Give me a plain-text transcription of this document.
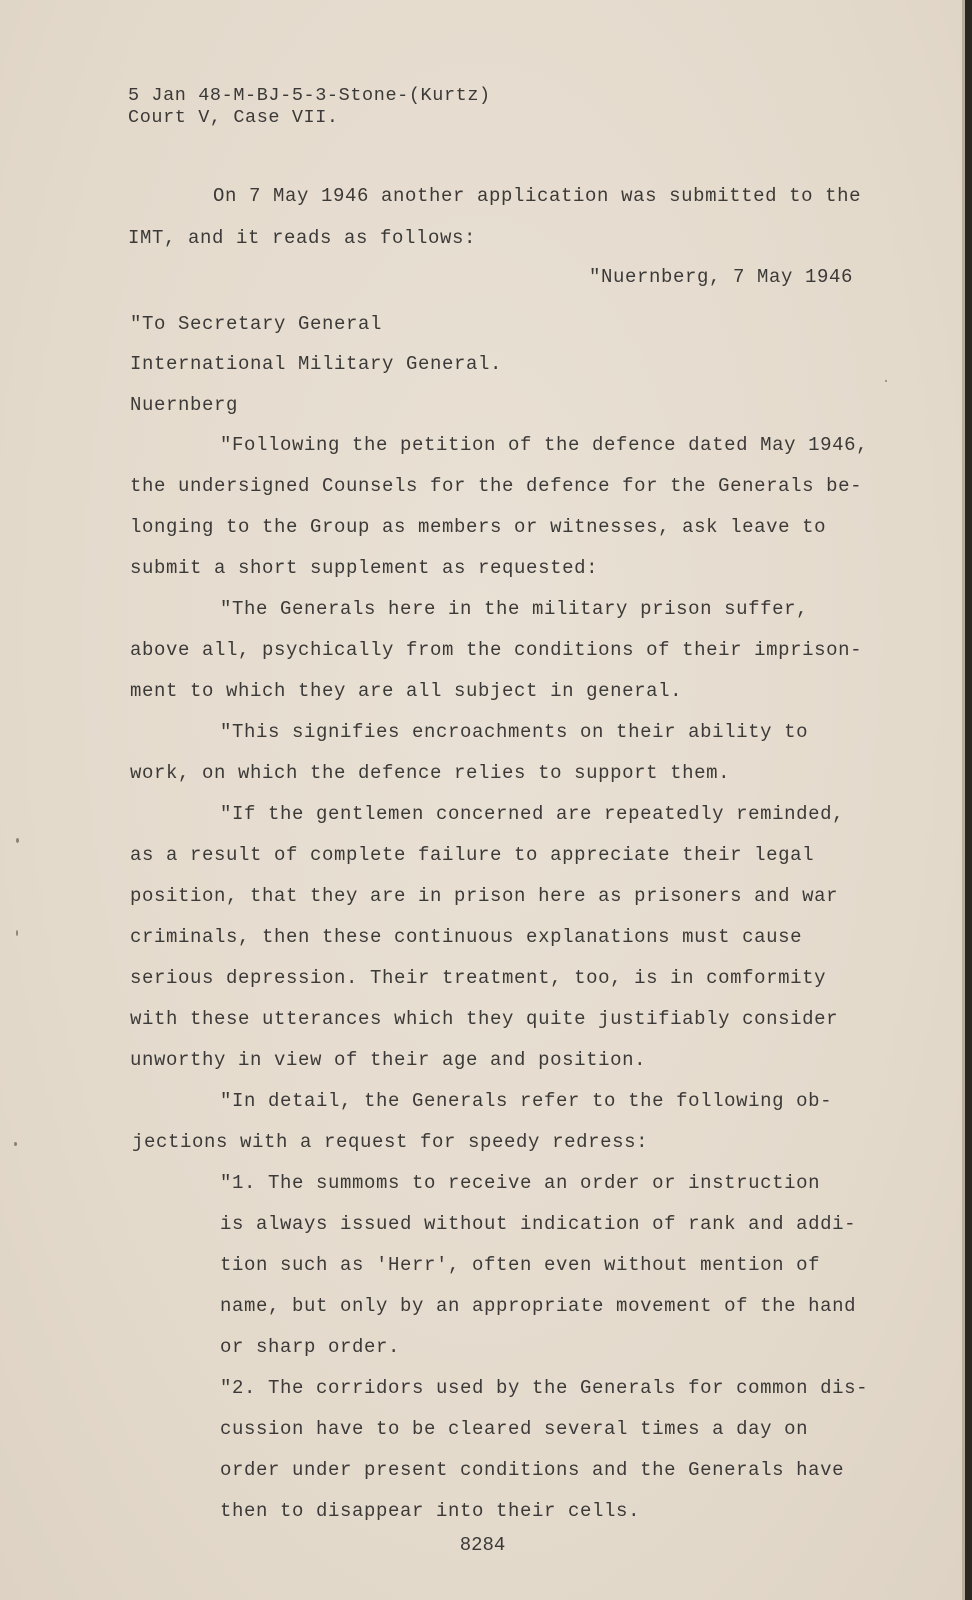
5 Jan 48-M-BJ-5-3-Stone-(Kurtz)

Court V, Case VII.

On 7 May 1946 another application was submitted to the

IMT, and it reads as follows:

"Nuernberg, 7 May 1946

"To Secretary General

International Military General.

Nuernberg

"Following the petition of the defence dated May 1946,

the undersigned Counsels for the defence for the Generals be-

longing to the Group as members or witnesses, ask leave to

submit a short supplement as requested:

"The Generals here in the military prison suffer,

above all, psychically from the conditions of their imprison-

ment to which they are all subject in general.

"This signifies encroachments on their ability to

work, on which the defence relies to support them.

"If the gentlemen concerned are repeatedly reminded,

as a result of complete failure to appreciate their legal

position, that they are in prison here as prisoners and war

criminals, then these continuous explanations must cause

serious depression. Their treatment, too, is in comformity

with these utterances which they quite justifiably consider

unworthy in view of their age and position.

"In detail, the Generals refer to the following ob-

jections with a request for speedy redress:

"1. The summoms to receive an order or instruction

is always issued without indication of rank and addi-

tion such as 'Herr', often even without mention of

name, but only by an appropriate movement of the hand

or sharp order.

"2. The corridors used by the Generals for common dis-

cussion have to be cleared several times a day on

order under present conditions and the Generals have

then to disappear into their cells.

8284
